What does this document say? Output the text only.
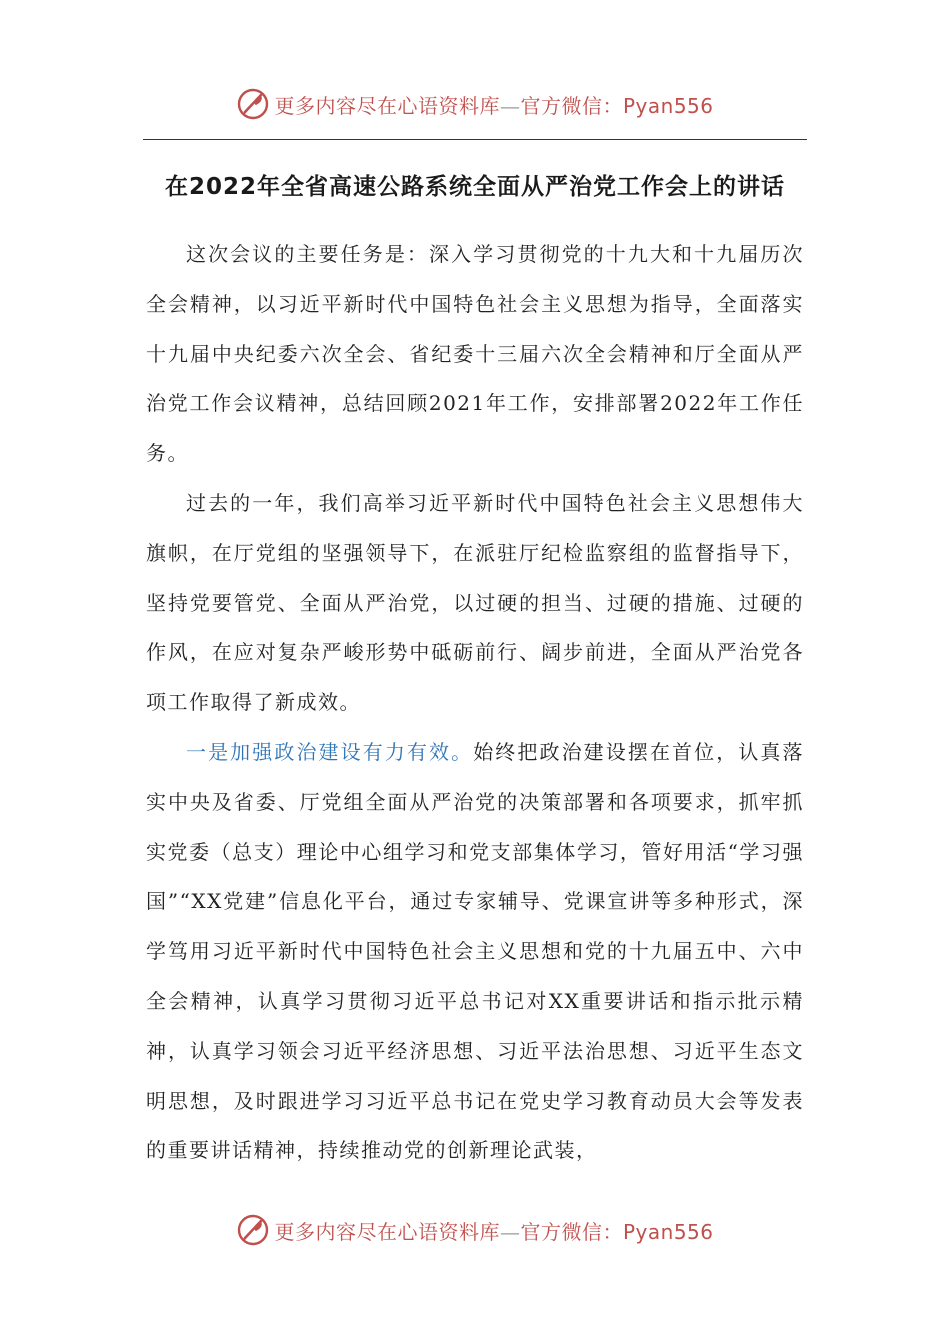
更多内容尽在心语资料库—官方微信：Pyan556
在2022年全省高速公路系统全面从严治党工作会上的讲话

这次会议的主要任务是：深入学习贯彻党的十九大和十九届历次全会精神，以习近平新时代中国特色社会主义思想为指导，全面落实十九届中央纪委六次全会、省纪委十三届六次全会精神和厅全面从严治党工作会议精神，总结回顾2021年工作，安排部署2022年工作任务。

过去的一年，我们高举习近平新时代中国特色社会主义思想伟大旗帜，在厅党组的坚强领导下，在派驻厅纪检监察组的监督指导下，坚持党要管党、全面从严治党，以过硬的担当、过硬的措施、过硬的作风，在应对复杂严峻形势中砥砺前行、阔步前进，全面从严治党各项工作取得了新成效。

一是加强政治建设有力有效。始终把政治建设摆在首位，认真落实中央及省委、厅党组全面从严治党的决策部署和各项要求，抓牢抓实党委（总支）理论中心组学习和党支部集体学习，管好用活“学习强国”“XX党建”信息化平台，通过专家辅导、党课宣讲等多种形式，深学笃用习近平新时代中国特色社会主义思想和党的十九届五中、六中全会精神，认真学习贯彻习近平总书记对XX重要讲话和指示批示精神，认真学习领会习近平经济思想、习近平法治思想、习近平生态文明思想，及时跟进学习习近平总书记在党史学习教育动员大会等发表的重要讲话精神，持续推动党的创新理论武装，

更多内容尽在心语资料库—官方微信：Pyan556
